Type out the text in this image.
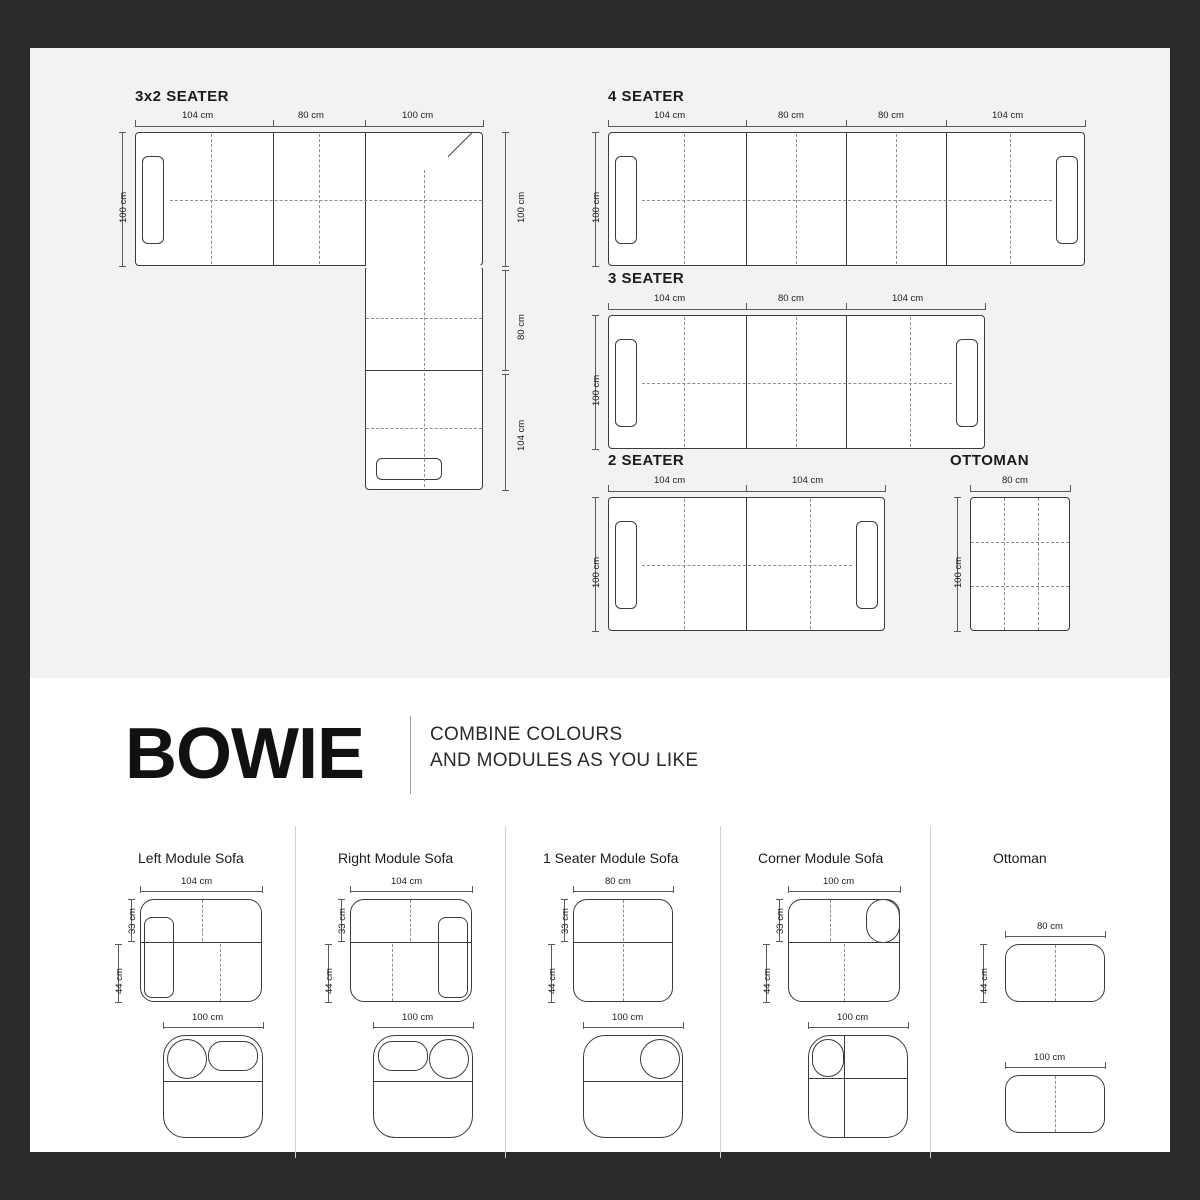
3x2 SEATER
104 cm	80 cm	100 cm
100 cm	100 cm
80 cm
104 cm
4 SEATER
104 cm	80 cm	80 cm	104 cm
100 cm
3 SEATER
104 cm	80 cm	104 cm
100 cm
2 SEATER
104 cm	104 cm
100 cm
OTTOMAN
80 cm
100 cm
BOWIE	COMBINE COLOURS
AND MODULES AS YOU LIKE
Left Module Sofa
104 cm
33 cm
44 cm
100 cm
Right Module Sofa
104 cm
33 cm
44 cm
100 cm
1 Seater Module Sofa
80 cm
33 cm
44 cm
100 cm
Corner Module Sofa
100 cm
33 cm
44 cm
100 cm
Ottoman
80 cm
44 cm
100 cm
